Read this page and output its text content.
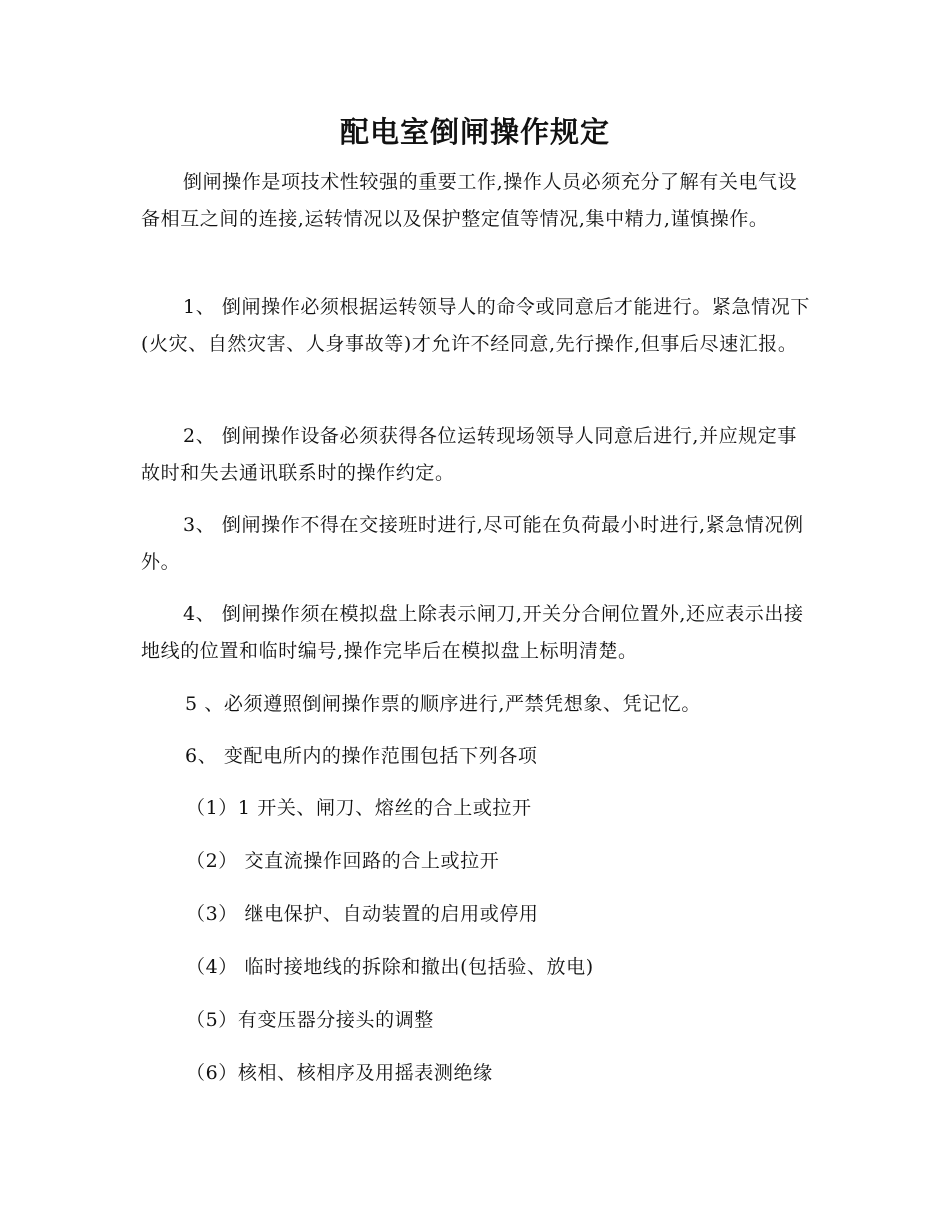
配电室倒闸操作规定

倒闸操作是项技术性较强的重要工作,操作人员必须充分了解有关电气设备相互之间的连接,运转情况以及保护整定值等情况,集中精力,谨慎操作。

1、 倒闸操作必须根据运转领导人的命令或同意后才能进行。紧急情况下(火灾、自然灾害、人身事故等)才允许不经同意,先行操作,但事后尽速汇报。

2、 倒闸操作设备必须获得各位运转现场领导人同意后进行,并应规定事故时和失去通讯联系时的操作约定。

3、 倒闸操作不得在交接班时进行,尽可能在负荷最小时进行,紧急情况例外。

4、 倒闸操作须在模拟盘上除表示闸刀,开关分合闸位置外,还应表示出接地线的位置和临时编号,操作完毕后在模拟盘上标明清楚。

5 、必须遵照倒闸操作票的顺序进行,严禁凭想象、凭记忆。
6、 变配电所内的操作范围包括下列各项
（1）1 开关、闸刀、熔丝的合上或拉开
（2） 交直流操作回路的合上或拉开
（3） 继电保护、自动装置的启用或停用
（4） 临时接地线的拆除和撤出(包括验、放电)
（5）有变压器分接头的调整
（6）核相、核相序及用摇表测绝缘
